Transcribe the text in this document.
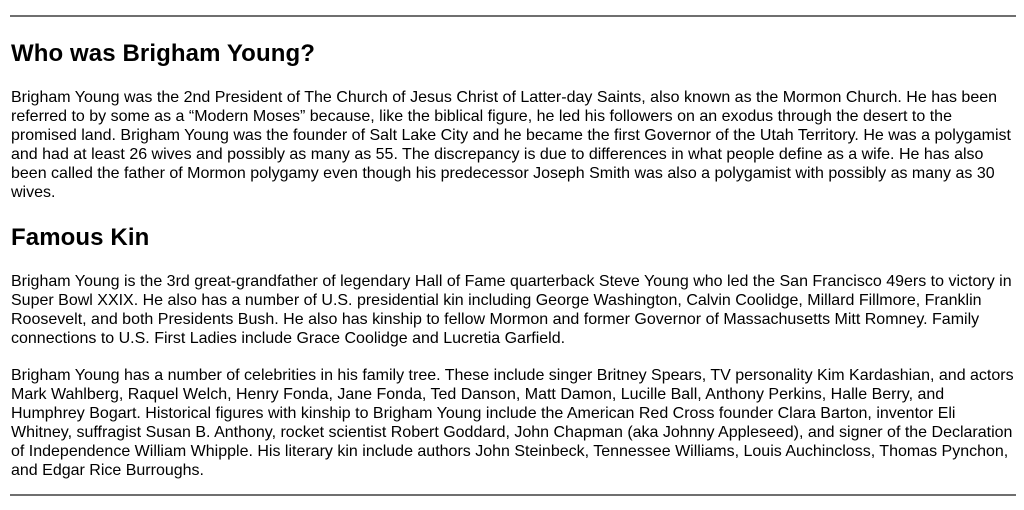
Who was Brigham Young?

Brigham Young was the 2nd President of The Church of Jesus Christ of Latter-day Saints, also known as the Mormon Church. He has been referred to by some as a “Modern Moses” because, like the biblical figure, he led his followers on an exodus through the desert to the promised land. Brigham Young was the founder of Salt Lake City and he became the first Governor of the Utah Territory. He was a polygamist and had at least 26 wives and possibly as many as 55. The discrepancy is due to differences in what people define as a wife. He has also been called the father of Mormon polygamy even though his predecessor Joseph Smith was also a polygamist with possibly as many as 30 wives.

Famous Kin

Brigham Young is the 3rd great-grandfather of legendary Hall of Fame quarterback Steve Young who led the San Francisco 49ers to victory in Super Bowl XXIX. He also has a number of U.S. presidential kin including George Washington, Calvin Coolidge, Millard Fillmore, Franklin Roosevelt, and both Presidents Bush. He also has kinship to fellow Mormon and former Governor of Massachusetts Mitt Romney. Family connections to U.S. First Ladies include Grace Coolidge and Lucretia Garfield.

Brigham Young has a number of celebrities in his family tree. These include singer Britney Spears, TV personality Kim Kardashian, and actors Mark Wahlberg, Raquel Welch, Henry Fonda, Jane Fonda, Ted Danson, Matt Damon, Lucille Ball, Anthony Perkins, Halle Berry, and Humphrey Bogart. Historical figures with kinship to Brigham Young include the American Red Cross founder Clara Barton, inventor Eli Whitney, suffragist Susan B. Anthony, rocket scientist Robert Goddard, John Chapman (aka Johnny Appleseed), and signer of the Declaration of Independence William Whipple. His literary kin include authors John Steinbeck, Tennessee Williams, Louis Auchincloss, Thomas Pynchon, and Edgar Rice Burroughs.
